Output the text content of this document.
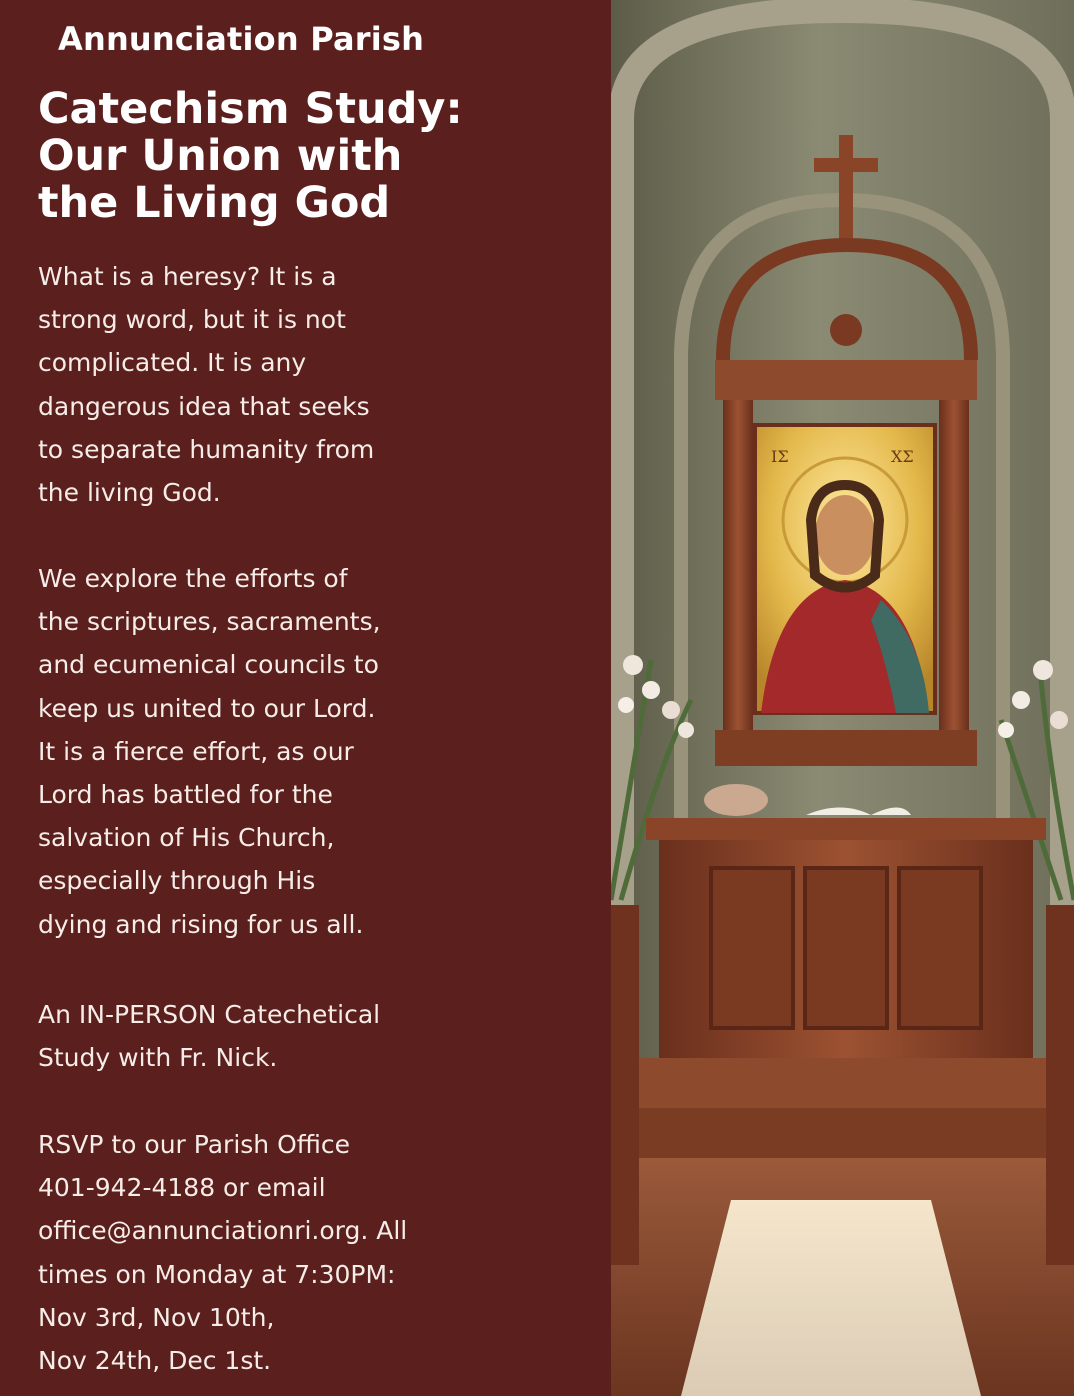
Annunciation Parish
Catechism Study:
Our Union with
the Living God
What is a heresy? It is a
strong word, but it is not
complicated. It is any
dangerous idea that seeks
to separate humanity from
the living God.
We explore the efforts of
the scriptures, sacraments,
and ecumenical councils to
keep us united to our Lord.
It is a fierce effort, as our
Lord has battled for the
salvation of His Church,
especially through His
dying and rising for us all.
An IN-PERSON Catechetical
Study with Fr. Nick.
RSVP to our Parish Office
401-942-4188 or email
office@annunciationri.org. All
times on Monday at 7:30PM:
Nov 3rd, Nov 10th,
Nov 24th, Dec 1st.
ΙΣ	ΧΣ
